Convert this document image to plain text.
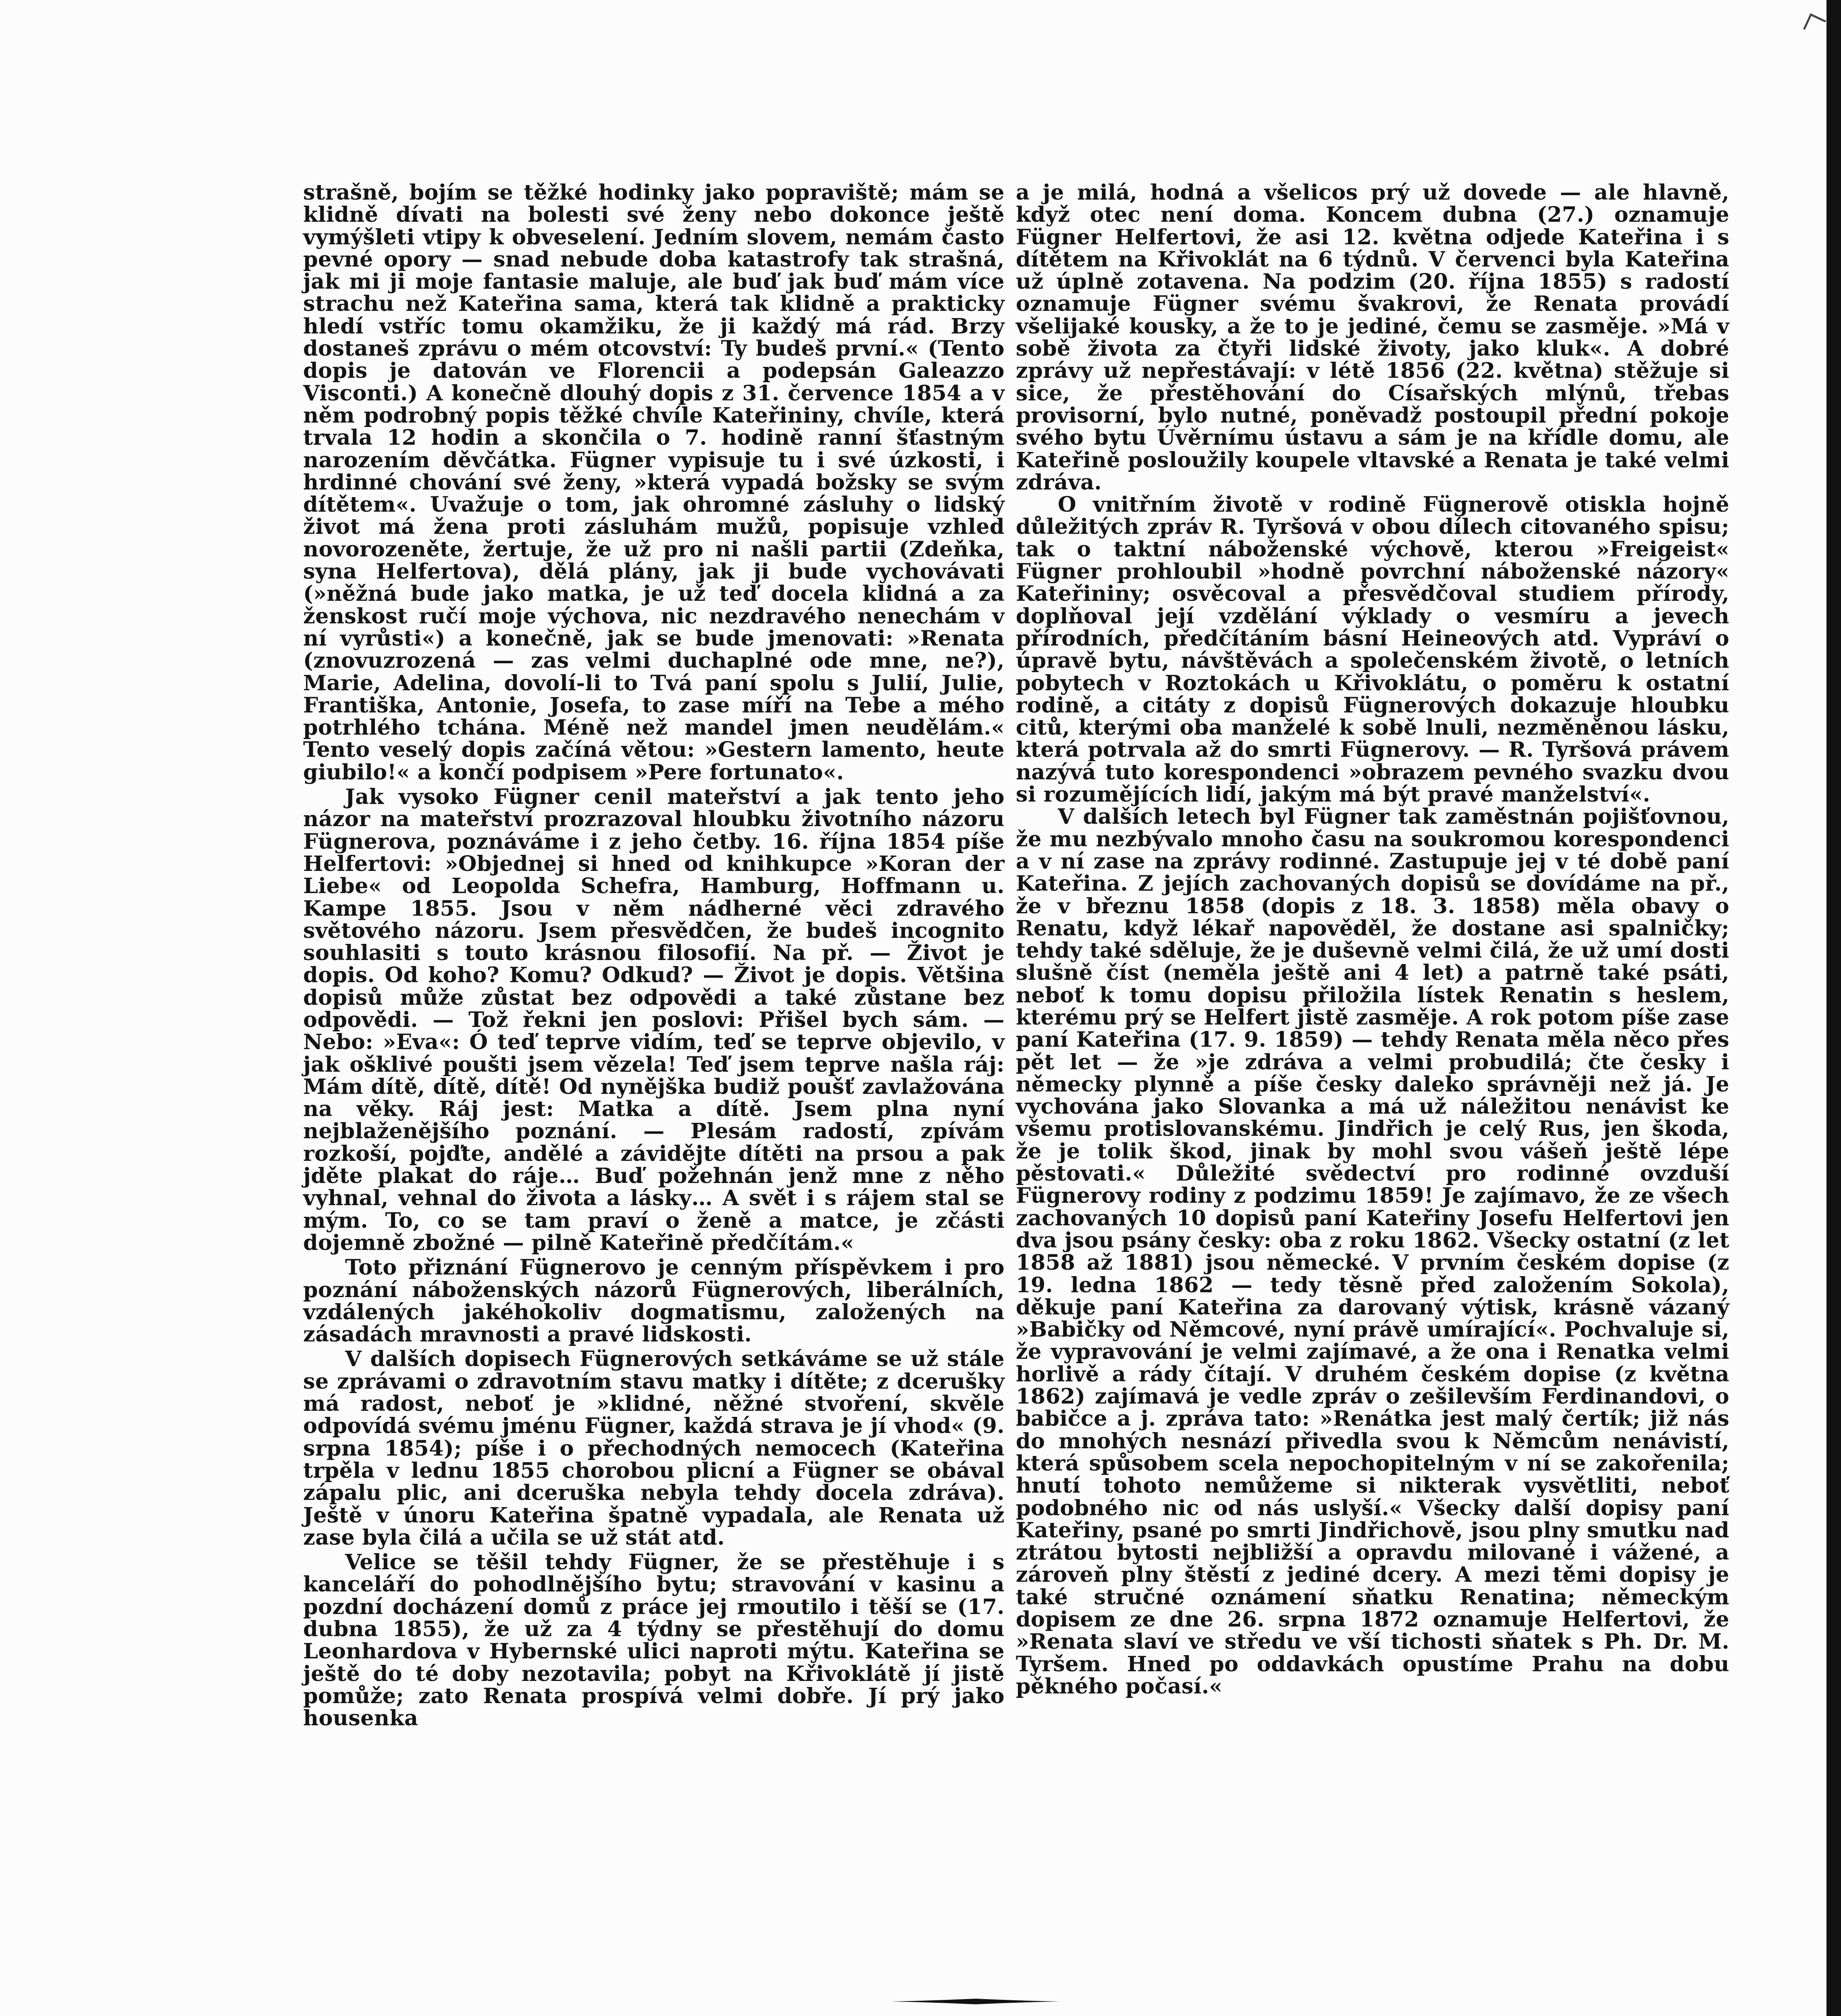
strašně, bojím se těžké hodinky jako popraviště; mám se klidně dívati na bolesti své ženy nebo dokonce ještě vymýšleti vtipy k obveselení. Jedním slovem, nemám často pevné opory — snad nebude doba katastrofy tak strašná, jak mi ji moje fantasie maluje, ale buď jak buď mám více strachu než Kateřina sama, která tak klidně a prakticky hledí vstříc tomu okamžiku, že ji každý má rád. Brzy dostaneš zprávu o mém otcovství: Ty budeš první.« (Tento dopis je datován ve Florencii a podepsán Galeazzo Visconti.) A konečně dlouhý dopis z 31. července 1854 a v něm podrobný popis těžké chvíle Kateřininy, chvíle, která trvala 12 hodin a skončila o 7. hodině ranní šťastným narozením děvčátka. Fügner vypisuje tu i své úzkosti, i hrdinné chování své ženy, »která vypadá božsky se svým dítětem«. Uvažuje o tom, jak ohromné zásluhy o lidský život má žena proti zásluhám mužů, popisuje vzhled novorozeněte, žertuje, že už pro ni našli partii (Zdeňka, syna Helfertova), dělá plány, jak ji bude vychovávati (»něžná bude jako matka, je už teď docela klidná a za ženskost ručí moje výchova, nic nezdravého nenechám v ní vyrůsti«) a konečně, jak se bude jmenovati: »Renata (znovuzrozená — zas velmi duchaplné ode mne, ne?), Marie, Adelina, dovolí-li to Tvá paní spolu s Julií, Julie, Františka, Antonie, Josefa, to zase míří na Tebe a mého potrhlého tchána. Méně než mandel jmen neudělám.« Tento veselý dopis začíná větou: »Gestern lamento, heute giubilo!« a končí podpisem »Pere fortunato«.

Jak vysoko Fügner cenil mateřství a jak tento jeho názor na mateřství prozrazoval hloubku životního názoru Fügnerova, poznáváme i z jeho četby. 16. října 1854 píše Helfertovi: »Objednej si hned od knihkupce »Koran der Liebe« od Leopolda Schefra, Hamburg, Hoffmann u. Kampe 1855. Jsou v něm nádherné věci zdravého světového názoru. Jsem přesvědčen, že budeš incognito souhlasiti s touto krásnou filosofií. Na př. — Život je dopis. Od koho? Komu? Odkud? — Život je dopis. Většina dopisů může zůstat bez odpovědi a také zůstane bez odpovědi. — Tož řekni jen poslovi: Přišel bych sám. — Nebo: »Eva«: Ó teď teprve vidím, teď se teprve objevilo, v jak ošklivé poušti jsem vězela! Teď jsem teprve našla ráj: Mám dítě, dítě, dítě! Od nynějška budiž poušť zavlažována na věky. Ráj jest: Matka a dítě. Jsem plna nyní nejblaženějšího poznání. — Plesám radostí, zpívám rozkoší, pojďte, andělé a závidějte dítěti na prsou a pak jděte plakat do ráje… Buď požehnán jenž mne z něho vyhnal, vehnal do života a lásky… A svět i s rájem stal se mým. To, co se tam praví o ženě a matce, je zčásti dojemně zbožné — pilně Kateřině předčítám.«

Toto přiznání Fügnerovo je cenným příspěvkem i pro poznání náboženských názorů Fügnerových, liberálních, vzdálených jakéhokoliv dogmatismu, založených na zásadách mravnosti a pravé lidskosti.

V dalších dopisech Fügnerových setkáváme se už stále se zprávami o zdravotním stavu matky i dítěte; z dcerušky má radost, neboť je »klidné, něžné stvoření, skvěle odpovídá svému jménu Fügner, každá strava je jí vhod« (9. srpna 1854); píše i o přechodných nemocech (Kateřina trpěla v lednu 1855 chorobou plicní a Fügner se obával zápalu plic, ani dceruška nebyla tehdy docela zdráva). Ještě v únoru Kateřina špatně vypadala, ale Renata už zase byla čilá a učila se už stát atd.

Velice se těšil tehdy Fügner, že se přestěhuje i s kanceláří do pohodlnějšího bytu; stravování v kasinu a pozdní docházení domů z práce jej rmoutilo i těší se (17. dubna 1855), že už za 4 týdny se přestěhují do domu Leonhardova v Hybernské ulici naproti mýtu. Kateřina se ještě do té doby nezotavila; pobyt na Křivoklátě jí jistě pomůže; zato Renata prospívá velmi dobře. Jí prý jako housenka

a je milá, hodná a všelicos prý už dovede — ale hlavně, když otec není doma. Koncem dubna (27.) oznamuje Fügner Helfertovi, že asi 12. května odjede Kateřina i s dítětem na Křivoklát na 6 týdnů. V červenci byla Kateřina už úplně zotavena. Na podzim (20. října 1855) s radostí oznamuje Fügner svému švakrovi, že Renata provádí všelijaké kousky, a že to je jediné, čemu se zasměje. »Má v sobě života za čtyři lidské životy, jako kluk«. A dobré zprávy už nepřestávají: v létě 1856 (22. května) stěžuje si sice, že přestěhování do Císařských mlýnů, třebas provisorní, bylo nutné, poněvadž postoupil přední pokoje svého bytu Úvěrnímu ústavu a sám je na křídle domu, ale Kateřině posloužily koupele vltavské a Renata je také velmi zdráva.

O vnitřním životě v rodině Fügnerově otiskla hojně důležitých zpráv R. Tyršová v obou dílech citovaného spisu; tak o taktní náboženské výchově, kterou »Freigeist« Fügner prohloubil »hodně povrchní náboženské názory« Kateřininy; osvěcoval a přesvědčoval studiem přírody, doplňoval její vzdělání výklady o vesmíru a jevech přírodních, předčítáním básní Heineových atd. Vypráví o úpravě bytu, návštěvách a společenském životě, o letních pobytech v Roztokách u Křivoklátu, o poměru k ostatní rodině, a citáty z dopisů Fügnerových dokazuje hloubku citů, kterými oba manželé k sobě lnuli, nezměněnou lásku, která potrvala až do smrti Fügnerovy. — R. Tyršová právem nazývá tuto korespondenci »obrazem pevného svazku dvou si rozumějících lidí, jakým má být pravé manželství«.

V dalších letech byl Fügner tak zaměstnán pojišťovnou, že mu nezbývalo mnoho času na soukromou korespondenci a v ní zase na zprávy rodinné. Zastupuje jej v té době paní Kateřina. Z jejích zachovaných dopisů se dovídáme na př., že v březnu 1858 (dopis z 18. 3. 1858) měla obavy o Renatu, když lékař napověděl, že dostane asi spalničky; tehdy také sděluje, že je duševně velmi čilá, že už umí dosti slušně číst (neměla ještě ani 4 let) a patrně také psáti, neboť k tomu dopisu přiložila lístek Renatin s heslem, kterému prý se Helfert jistě zasměje. A rok potom píše zase paní Kateřina (17. 9. 1859) — tehdy Renata měla něco přes pět let — že »je zdráva a velmi probudilá; čte česky i německy plynně a píše česky daleko správněji než já. Je vychována jako Slovanka a má už náležitou nenávist ke všemu protislovanskému. Jindřich je celý Rus, jen škoda, že je tolik škod, jinak by mohl svou vášeň ještě lépe pěstovati.« Důležité svědectví pro rodinné ovzduší Fügnerovy rodiny z podzimu 1859! Je zajímavo, že ze všech zachovaných 10 dopisů paní Kateřiny Josefu Helfertovi jen dva jsou psány česky: oba z roku 1862. Všecky ostatní (z let 1858 až 1881) jsou německé. V prvním českém dopise (z 19. ledna 1862 — tedy těsně před založením Sokola), děkuje paní Kateřina za darovaný výtisk, krásně vázaný »Babičky od Němcové, nyní právě umírající«. Pochvaluje si, že vypravování je velmi zajímavé, a že ona i Renatka velmi horlivě a rády čítají. V druhém českém dopise (z května 1862) zajímavá je vedle zpráv o zešilevším Ferdinandovi, o babičce a j. zpráva tato: »Renátka jest malý čertík; již nás do mnohých nesnází přivedla svou k Němcům nenávistí, která spůsobem scela nepochopitelným v ní se zakořenila; hnutí tohoto nemůžeme si nikterak vysvětliti, neboť podobného nic od nás uslyší.« Všecky další dopisy paní Kateřiny, psané po smrti Jindřichově, jsou plny smutku nad ztrátou bytosti nejbližší a opravdu milované i vážené, a zároveň plny štěstí z jediné dcery. A mezi těmi dopisy je také stručné oznámení sňatku Renatina; německým dopisem ze dne 26. srpna 1872 oznamuje Helfertovi, že »Renata slaví ve středu ve vší tichosti sňatek s Ph. Dr. M. Tyršem. Hned po oddavkách opustíme Prahu na dobu pěkného počasí.«
